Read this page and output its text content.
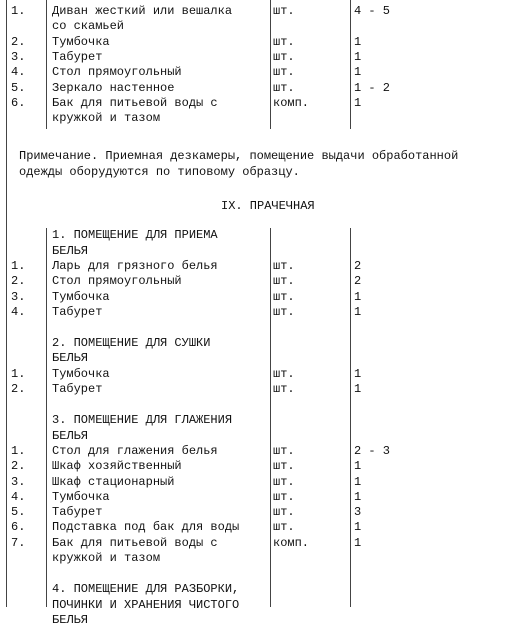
1. Диван жесткий или вешалка
со скамьей
шт.	4 - 5
2. Тумбочка	шт.	1
3. Табурет	шт.	1
4. Стол прямоугольный	шт.	1
5. Зеркало настенное	шт.	1 - 2
6. Бак для питьевой воды с
кружкой и тазом
комп.	1
Примечание. Приемная дезкамеры, помещение выдачи обработанной
одежды оборудуются по типовому образцу.
IX. ПРАЧЕЧНАЯ
1. ПОМЕЩЕНИЕ ДЛЯ ПРИЕМА
БЕЛЬЯ
1. Ларь для грязного белья	шт.	2
2. Стол прямоугольный	шт.	2
3. Тумбочка	шт.	1
4. Табурет	шт.	1
2. ПОМЕЩЕНИЕ ДЛЯ СУШКИ
БЕЛЬЯ
1. Тумбочка	шт.	1
2. Табурет	шт.	1
3. ПОМЕЩЕНИЕ ДЛЯ ГЛАЖЕНИЯ
БЕЛЬЯ
1. Стол для глажения белья	шт.	2 - 3
2. Шкаф хозяйственный	шт.	1
3. Шкаф стационарный	шт.	1
4. Тумбочка	шт.	1
5. Табурет	шт.	3
6. Подставка под бак для воды	шт.	1
7. Бак для питьевой воды с
кружкой и тазом
комп.	1
4. ПОМЕЩЕНИЕ ДЛЯ РАЗБОРКИ,
ПОЧИНКИ И ХРАНЕНИЯ ЧИСТОГО
БЕЛЬЯ
